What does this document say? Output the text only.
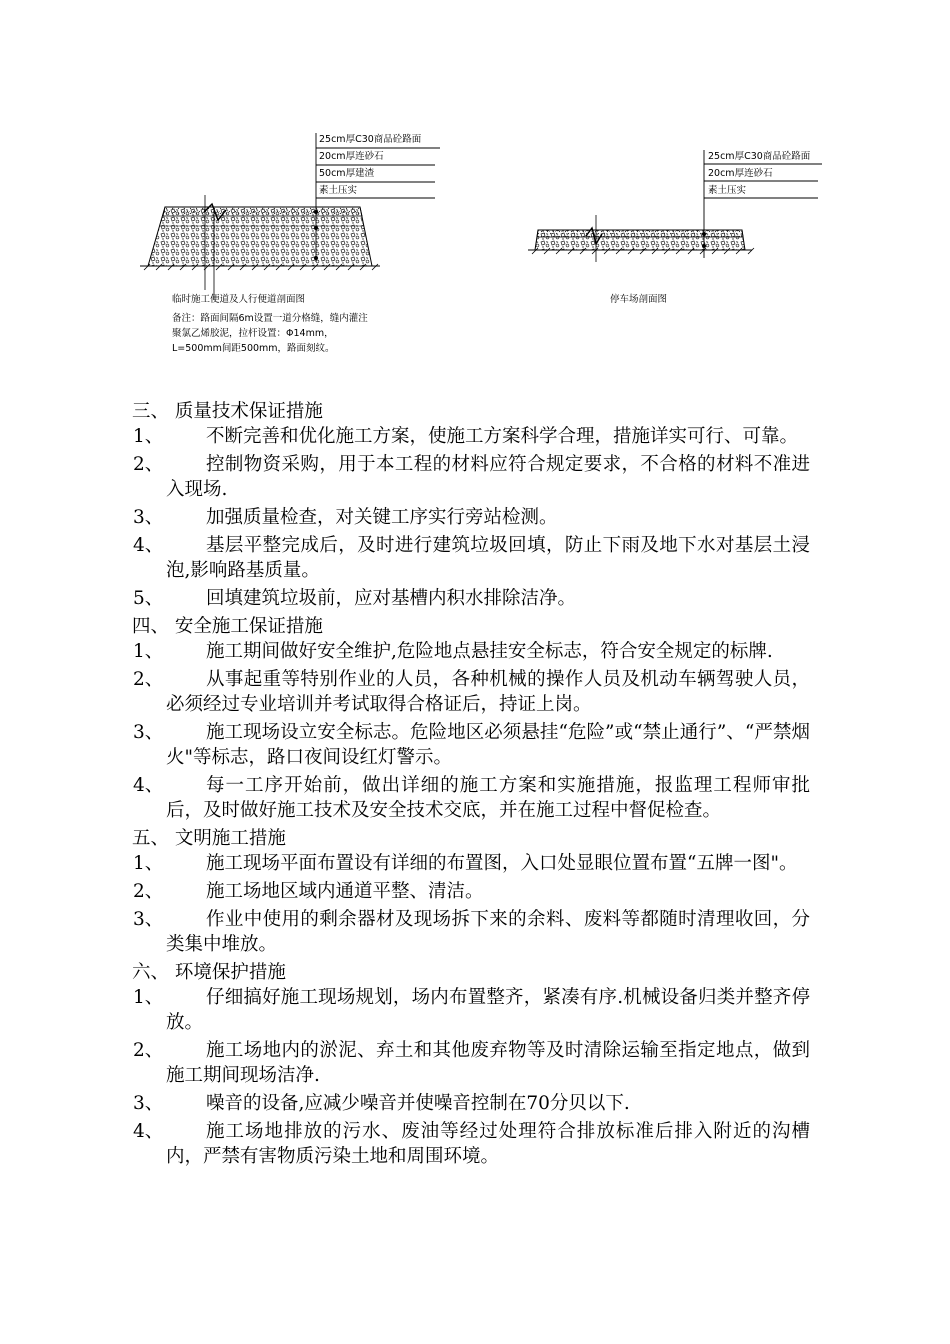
25cm厚C30商品砼路面
20cm厚连砂石
50cm厚建渣
素土压实
临时施工便道及人行便道剖面图
备注：路面间隔6m设置一道分格缝，缝内灌注聚氯乙烯胶泥，拉杆设置：Φ14mm，L=500mm间距500mm，路面刻纹。
25cm厚C30商品砼路面
20cm厚连砂石
素土压实
停车场剖面图
三、 质量技术保证措施
1、	不断完善和优化施工方案，使施工方案科学合理，措施详实可行、可靠。
2、	控制物资采购，用于本工程的材料应符合规定要求，不合格的材料不准进入现场.
3、	加强质量检查，对关键工序实行旁站检测。
4、	基层平整完成后，及时进行建筑垃圾回填，防止下雨及地下水对基层土浸泡,影响路基质量。
5、	回填建筑垃圾前，应对基槽内积水排除洁净。
四、 安全施工保证措施
1、	施工期间做好安全维护,危险地点悬挂安全标志，符合安全规定的标牌.
2、	从事起重等特别作业的人员，各种机械的操作人员及机动车辆驾驶人员，必须经过专业培训并考试取得合格证后，持证上岗。
3、	施工现场设立安全标志。危险地区必须悬挂“危险”或“禁止通行”、“严禁烟火"等标志，路口夜间设红灯警示。
4、	每一工序开始前，做出详细的施工方案和实施措施，报监理工程师审批后，及时做好施工技术及安全技术交底，并在施工过程中督促检查。
五、 文明施工措施
1、	施工现场平面布置设有详细的布置图，入口处显眼位置布置“五牌一图"。
2、	施工场地区域内通道平整、清洁。
3、	作业中使用的剩余器材及现场拆下来的余料、废料等都随时清理收回，分类集中堆放。
六、 环境保护措施
1、	仔细搞好施工现场规划，场内布置整齐，紧凑有序.机械设备归类并整齐停放。
2、	施工场地内的淤泥、弃土和其他废弃物等及时清除运输至指定地点，做到施工期间现场洁净.
3、	噪音的设备,应减少噪音并使噪音控制在70分贝以下.
4、	施工场地排放的污水、废油等经过处理符合排放标准后排入附近的沟槽内，严禁有害物质污染土地和周围环境。
